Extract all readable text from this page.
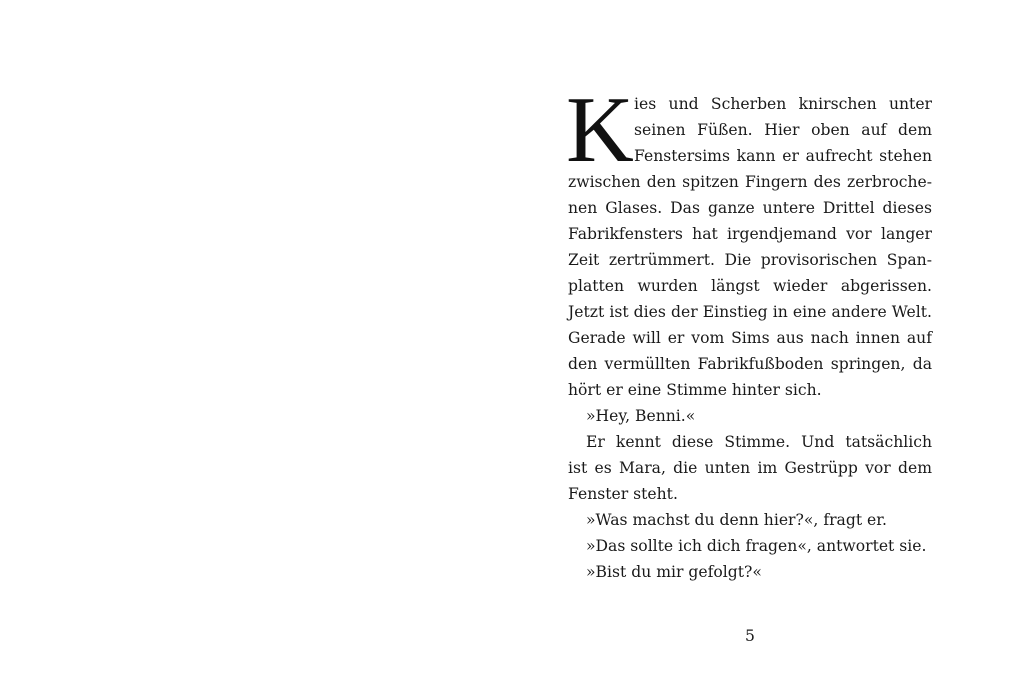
K ies und Scherben knirschen unter
seinen Füßen. Hier oben auf dem
Fenstersims kann er aufrecht stehen
zwischen den spitzen Fingern des zerbroche-
nen Glases. Das ganze untere Drittel dieses
Fabrikfensters hat irgendjemand vor langer
Zeit zertrümmert. Die provisorischen Span-
platten wurden längst wieder abgerissen.
Jetzt ist dies der Einstieg in eine andere Welt.
Gerade will er vom Sims aus nach innen auf
den vermüllten Fabrikfußboden springen, da
hört er eine Stimme hinter sich.
»Hey, Benni.«
Er kennt diese Stimme. Und tatsächlich
ist es Mara, die unten im Gestrüpp vor dem
Fenster steht.
»Was machst du denn hier?«, fragt er.
»Das sollte ich dich fragen«, antwortet sie.
»Bist du mir gefolgt?«
5
